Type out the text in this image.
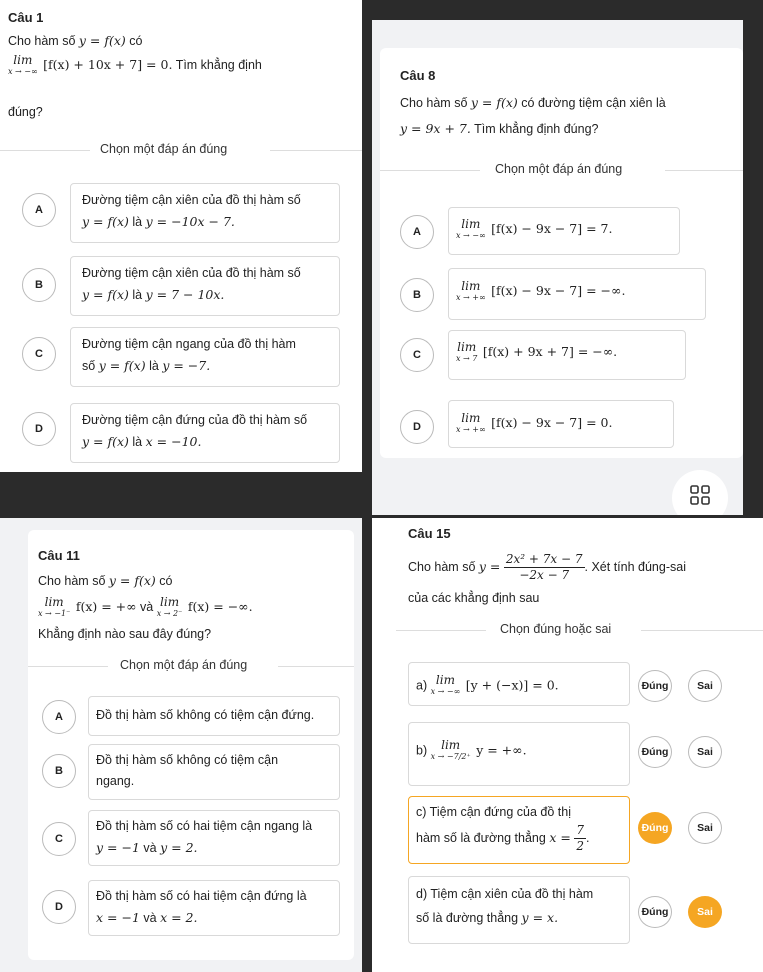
Câu 1
Cho hàm số y = f(x) có
lim
x → −∞ [f(x) + 10x + 7] = 0. Tìm khẳng định
đúng?
Chọn một đáp án đúng
A
Đường tiệm cận xiên của đồ thị hàm số
y = f(x) là y = −10x − 7.
B
Đường tiệm cận xiên của đồ thị hàm số
y = f(x) là y = 7 − 10x.
C
Đường tiệm cận ngang của đồ thị hàm
số y = f(x) là y = −7.
D
Đường tiệm cận đứng của đồ thị hàm số
y = f(x) là x = −10.
Câu 8
Cho hàm số y = f(x) có đường tiệm cận xiên là
y = 9x + 7. Tìm khẳng định đúng?
Chọn một đáp án đúng
A
lim
x → −∞ [f(x) − 9x − 7] = 7.
B
lim
x → +∞ [f(x) − 9x − 7] = −∞.
C
lim
x → 7 [f(x) + 9x + 7] = −∞.
D
lim
x → +∞ [f(x) − 9x − 7] = 0.
Câu 11
Cho hàm số y = f(x) có
lim
x → −1⁻ f(x) = +∞ và lim
x → 2⁻ f(x) = −∞.
Khẳng định nào sau đây đúng?
Chọn một đáp án đúng
A	Đồ thị hàm số không có tiệm cận đứng.
B
Đồ thị hàm số không có tiệm cận
ngang.
C
Đồ thị hàm số có hai tiệm cận ngang là
y = −1 và y = 2.
D
Đồ thị hàm số có hai tiệm cận đứng là
x = −1 và x = 2.
Câu 15
Cho hàm số $y = \frac{\text{2x² + 7x − 7}}{-2x - 7}$ . Xét tính đúng-sai
của các khẳng định sau
Chọn đúng hoặc sai
a) lim
x → −∞ [y + (−x)] = 0.	Đúng	Sai
b)	lim
x → −7/2⁺ y = +∞.	Đúng	Sai
c) Tiệm cận đứng của đồ thị
hàm số là đường thẳng $x = \frac{7}{2}$ .
Đúng	Sai
d) Tiệm cận xiên của đồ thị hàm
số là đường thẳng y = x.	Đúng	Sai
